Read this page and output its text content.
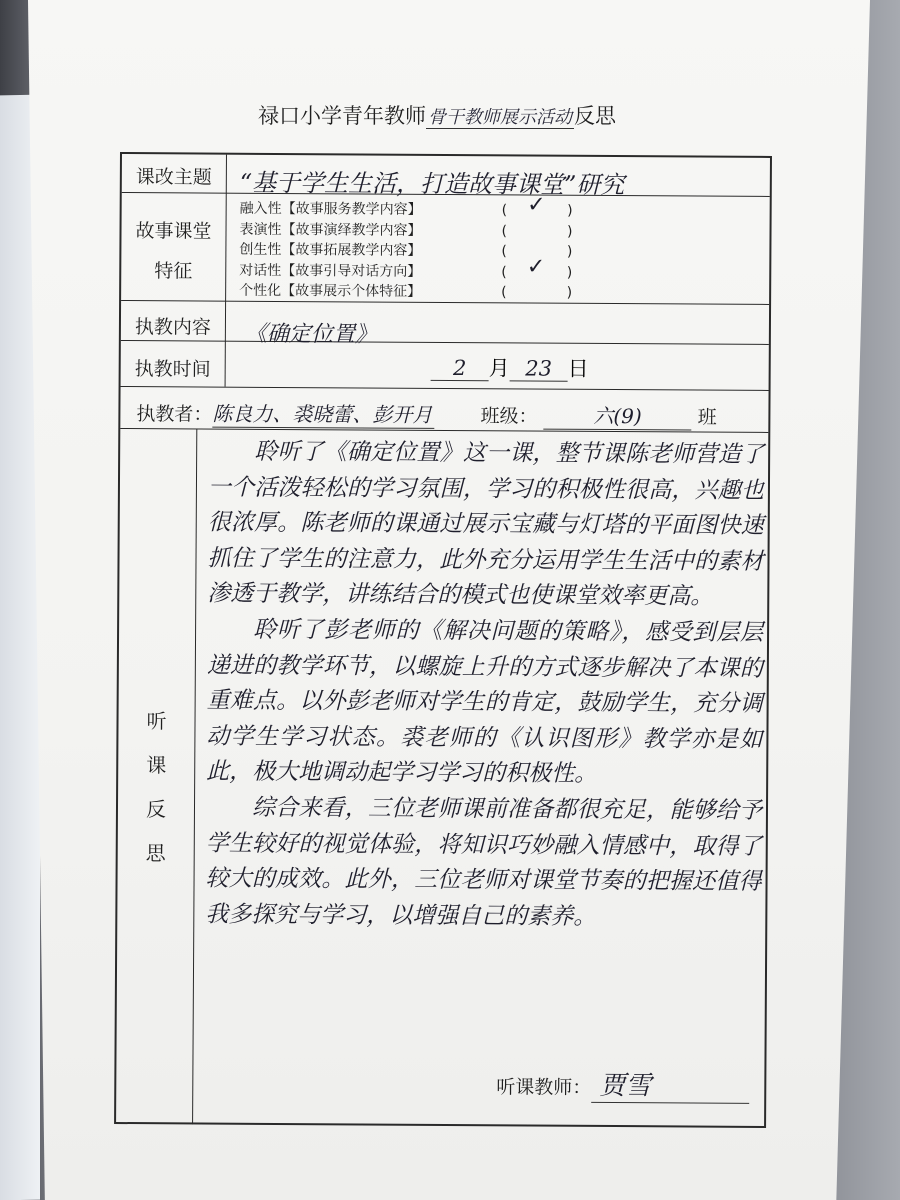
禄口小学青年教师 骨干教师展示活动反思
课改主题	“基于学生生活，打造故事课堂”研究
故事课堂
特征
融入性【故事服务教学内容】	( ✓ )
表演性【故事演绎教学内容】	(	)
创生性【故事拓展教学内容】	(	)
对话性【故事引导对话方向】	( ✓ )
个性化【故事展示个体特征】	(	)
执教内容	《确定位置》
执教时间	2 月 23 日
执教者：陈良力、裘晓蕾、彭开月	班级：	六(9)	班
听
课
反
思

聆听了《确定位置》这一课，整节课陈老师营造了一个活泼轻松的学习氛围，学习的积极性很高，兴趣也很浓厚。陈老师的课通过展示宝藏与灯塔的平面图快速抓住了学生的注意力，此外充分运用学生生活中的素材渗透于教学，讲练结合的模式也使课堂效率更高。

聆听了彭老师的《解决问题的策略》，感受到层层递进的教学环节，以螺旋上升的方式逐步解决了本课的重难点。以外彭老师对学生的肯定，鼓励学生，充分调动学生学习状态。裘老师的《认识图形》教学亦是如此，极大地调动起学习学习的积极性。

综合来看，三位老师课前准备都很充足，能够给予学生较好的视觉体验，将知识巧妙融入情感中，取得了较大的成效。此外，三位老师对课堂节奏的把握还值得我多探究与学习，以增强自己的素养。

听课教师： 贾雪
